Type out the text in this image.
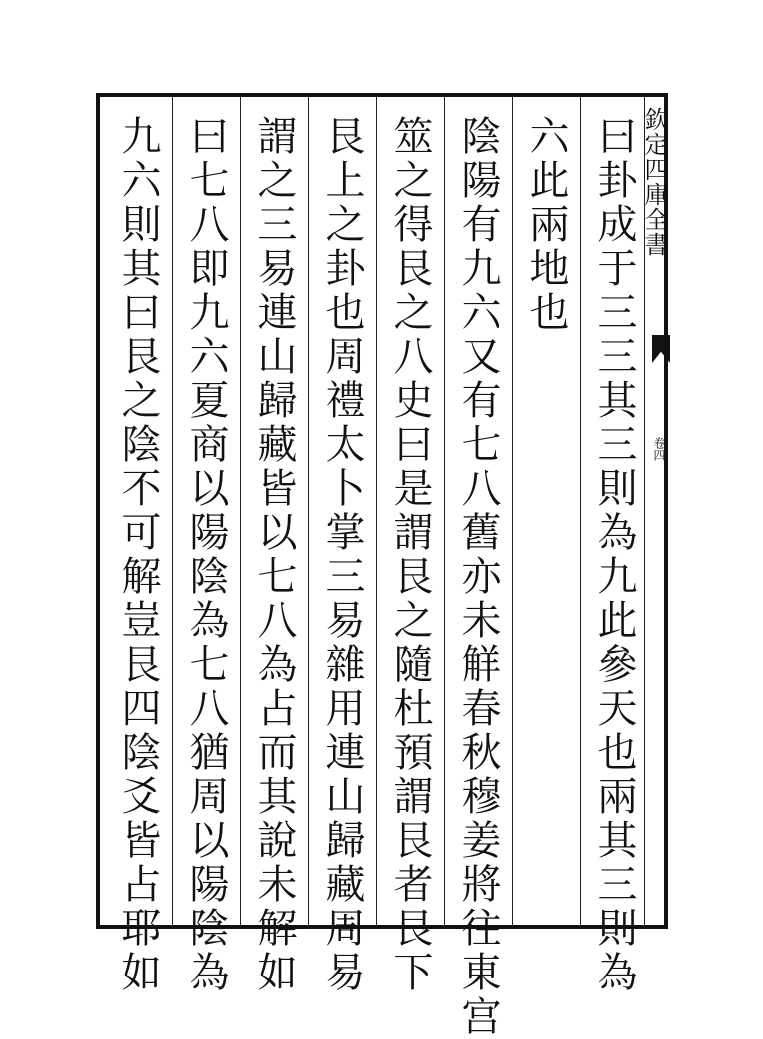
曰卦成于三三其三則為九此參天也兩其三則為
六此兩地也
陰陽有九六又有七八舊亦未觧春秋穆姜將往東宫
筮之得艮之八史曰是謂艮之隨杜預謂艮者艮下
艮上之卦也周禮太卜掌三易雜用連山歸藏周易
謂之三易連山歸藏皆以七八為占而其說未解如
曰七八即九六夏商以陽陰為七八猶周以陽陰為
九六則其曰艮之陰不可解豈艮四陰爻皆占耶如	欽定四庫全書
卷四
